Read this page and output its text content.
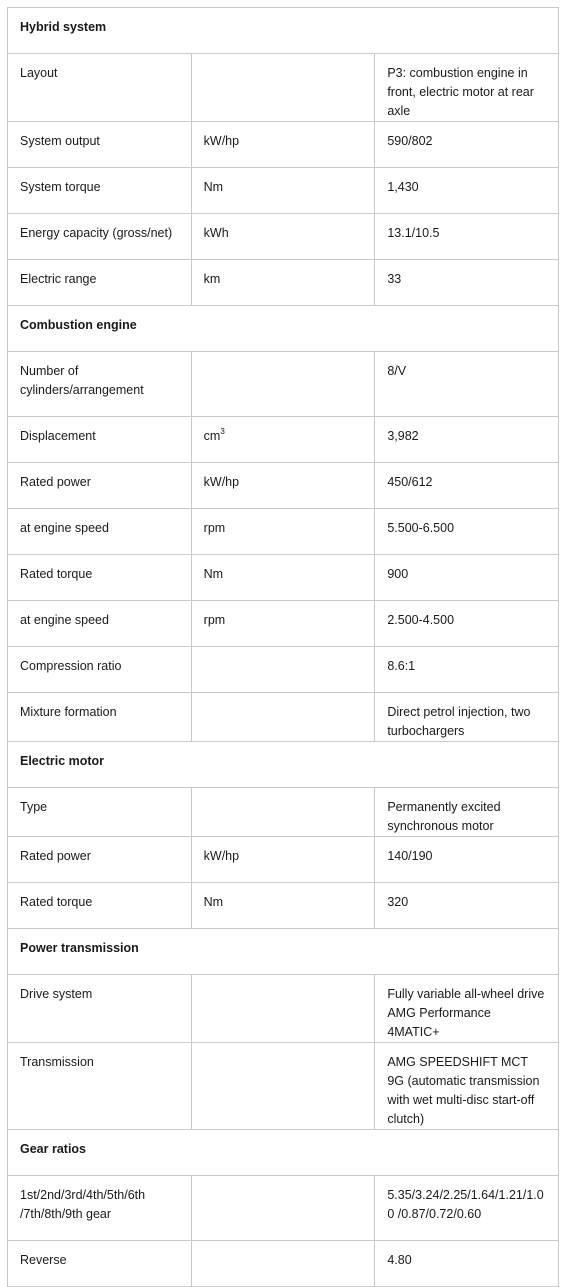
Hybrid system		
Layout		P3: combustion engine in front, electric motor at rear axle
System output	kW/hp	590/802
System torque	Nm	1,430
Energy capacity (gross/net)	kWh	13.1/10.5
Electric range	km	33
Combustion engine		
Number of cylinders/arrangement		8/V
Displacement	$cm^3$	3,982
Rated power	kW/hp	450/612
at engine speed	rpm	5.500-6.500
Rated torque	Nm	900
at engine speed	rpm	2.500-4.500
Compression ratio		8.6:1
Mixture formation		Direct petrol injection, two turbochargers
Electric motor		
Type		Permanently excited synchronous motor
Rated power	kW/hp	140/190
Rated torque	Nm	320
Power transmission		
Drive system		Fully variable all-wheel drive AMG Performance 4MATIC+
Transmission		AMG SPEEDSHIFT MCT 9G (automatic transmission with wet multi-disc start-off clutch)
Gear ratios		
1st/2nd/3rd/4th/5th/6th /7th/8th/9th gear		5.35/3.24/2.25/1.64/1.21/1.00 /0.87/0.72/0.60
Reverse		4.80
